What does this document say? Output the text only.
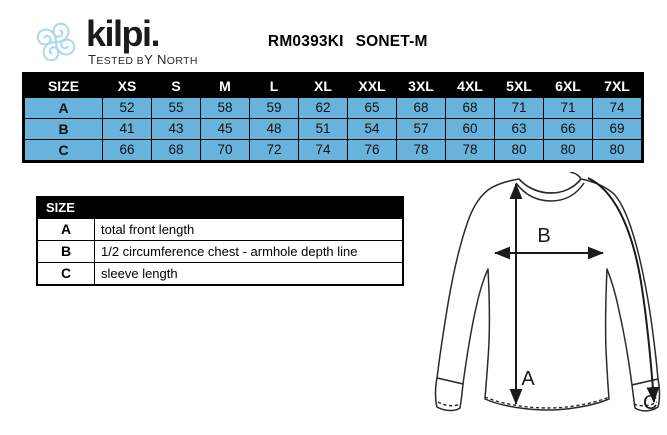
kilpi.
TESTED BY NORTH
RM0393KI SONET-M
SIZE	XS	S	M	L	XL	XXL	3XL	4XL	5XL	6XL	7XL
A	52	55	58	59	62	65	68	68	71	71	74
B	41	43	45	48	51	54	57	60	63	66	69
C	66	68	70	72	74	76	78	78	80	80	80
SIZE	
A	total front length
B	1/2 circumference chest - armhole depth line
C	sleeve length
B
A
C
